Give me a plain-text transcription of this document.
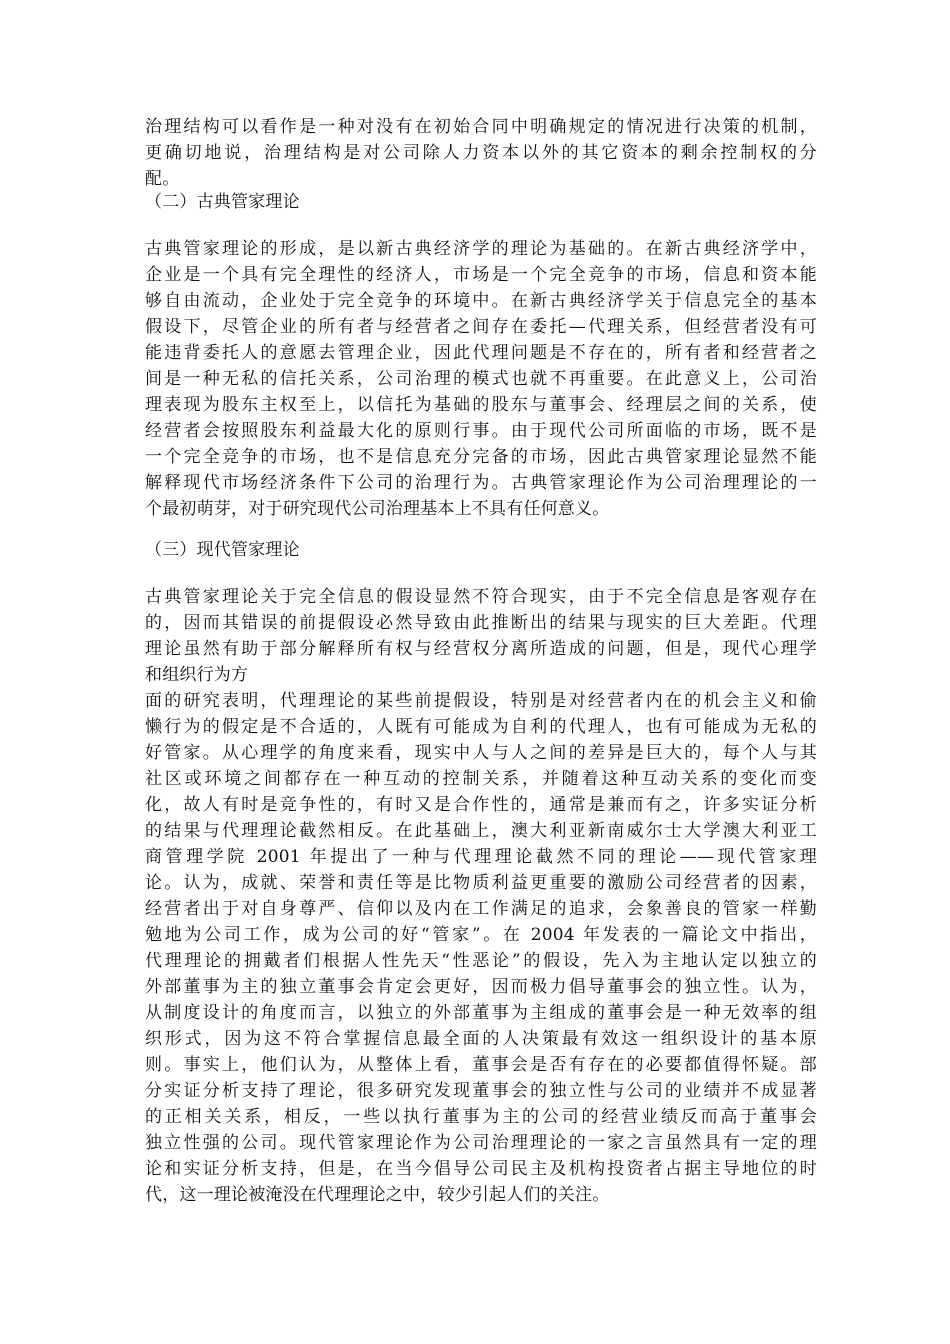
治理结构可以看作是一种对没有在初始合同中明确规定的情况进行决策的机制，
更确切地说，治理结构是对公司除人力资本以外的其它资本的剩余控制权的分
配。
（二）古典管家理论
古典管家理论的形成，是以新古典经济学的理论为基础的。在新古典经济学中，
企业是一个具有完全理性的经济人，市场是一个完全竞争的市场，信息和资本能
够自由流动，企业处于完全竞争的环境中。在新古典经济学关于信息完全的基本
假设下，尽管企业的所有者与经营者之间存在委托—代理关系，但经营者没有可
能违背委托人的意愿去管理企业，因此代理问题是不存在的，所有者和经营者之
间是一种无私的信托关系，公司治理的模式也就不再重要。在此意义上，公司治
理表现为股东主权至上，以信托为基础的股东与董事会、经理层之间的关系，使
经营者会按照股东利益最大化的原则行事。由于现代公司所面临的市场，既不是
一个完全竞争的市场，也不是信息充分完备的市场，因此古典管家理论显然不能
解释现代市场经济条件下公司的治理行为。古典管家理论作为公司治理理论的一
个最初萌芽，对于研究现代公司治理基本上不具有任何意义。
（三）现代管家理论
古典管家理论关于完全信息的假设显然不符合现实，由于不完全信息是客观存在
的，因而其错误的前提假设必然导致由此推断出的结果与现实的巨大差距。代理
理论虽然有助于部分解释所有权与经营权分离所造成的问题，但是，现代心理学
和组织行为方
面的研究表明，代理理论的某些前提假设，特别是对经营者内在的机会主义和偷
懒行为的假定是不合适的，人既有可能成为自利的代理人，也有可能成为无私的
好管家。从心理学的角度来看，现实中人与人之间的差异是巨大的，每个人与其
社区或环境之间都存在一种互动的控制关系，并随着这种互动关系的变化而变
化，故人有时是竞争性的，有时又是合作性的，通常是兼而有之，许多实证分析
的结果与代理理论截然相反。在此基础上，澳大利亚新南威尔士大学澳大利亚工
商管理学院 2001 年提出了一种与代理理论截然不同的理论——现代管家理
论。认为，成就、荣誉和责任等是比物质利益更重要的激励公司经营者的因素，
经营者出于对自身尊严、信仰以及内在工作满足的追求，会象善良的管家一样勤
勉地为公司工作，成为公司的好“管家”。在 2004 年发表的一篇论文中指出，
代理理论的拥戴者们根据人性先天“性恶论”的假设，先入为主地认定以独立的
外部董事为主的独立董事会肯定会更好，因而极力倡导董事会的独立性。认为，
从制度设计的角度而言，以独立的外部董事为主组成的董事会是一种无效率的组
织形式，因为这不符合掌握信息最全面的人决策最有效这一组织设计的基本原
则。事实上，他们认为，从整体上看，董事会是否有存在的必要都值得怀疑。部
分实证分析支持了理论，很多研究发现董事会的独立性与公司的业绩并不成显著
的正相关关系，相反，一些以执行董事为主的公司的经营业绩反而高于董事会
独立性强的公司。现代管家理论作为公司治理理论的一家之言虽然具有一定的理
论和实证分析支持，但是，在当今倡导公司民主及机构投资者占据主导地位的时
代，这一理论被淹没在代理理论之中，较少引起人们的关注。
